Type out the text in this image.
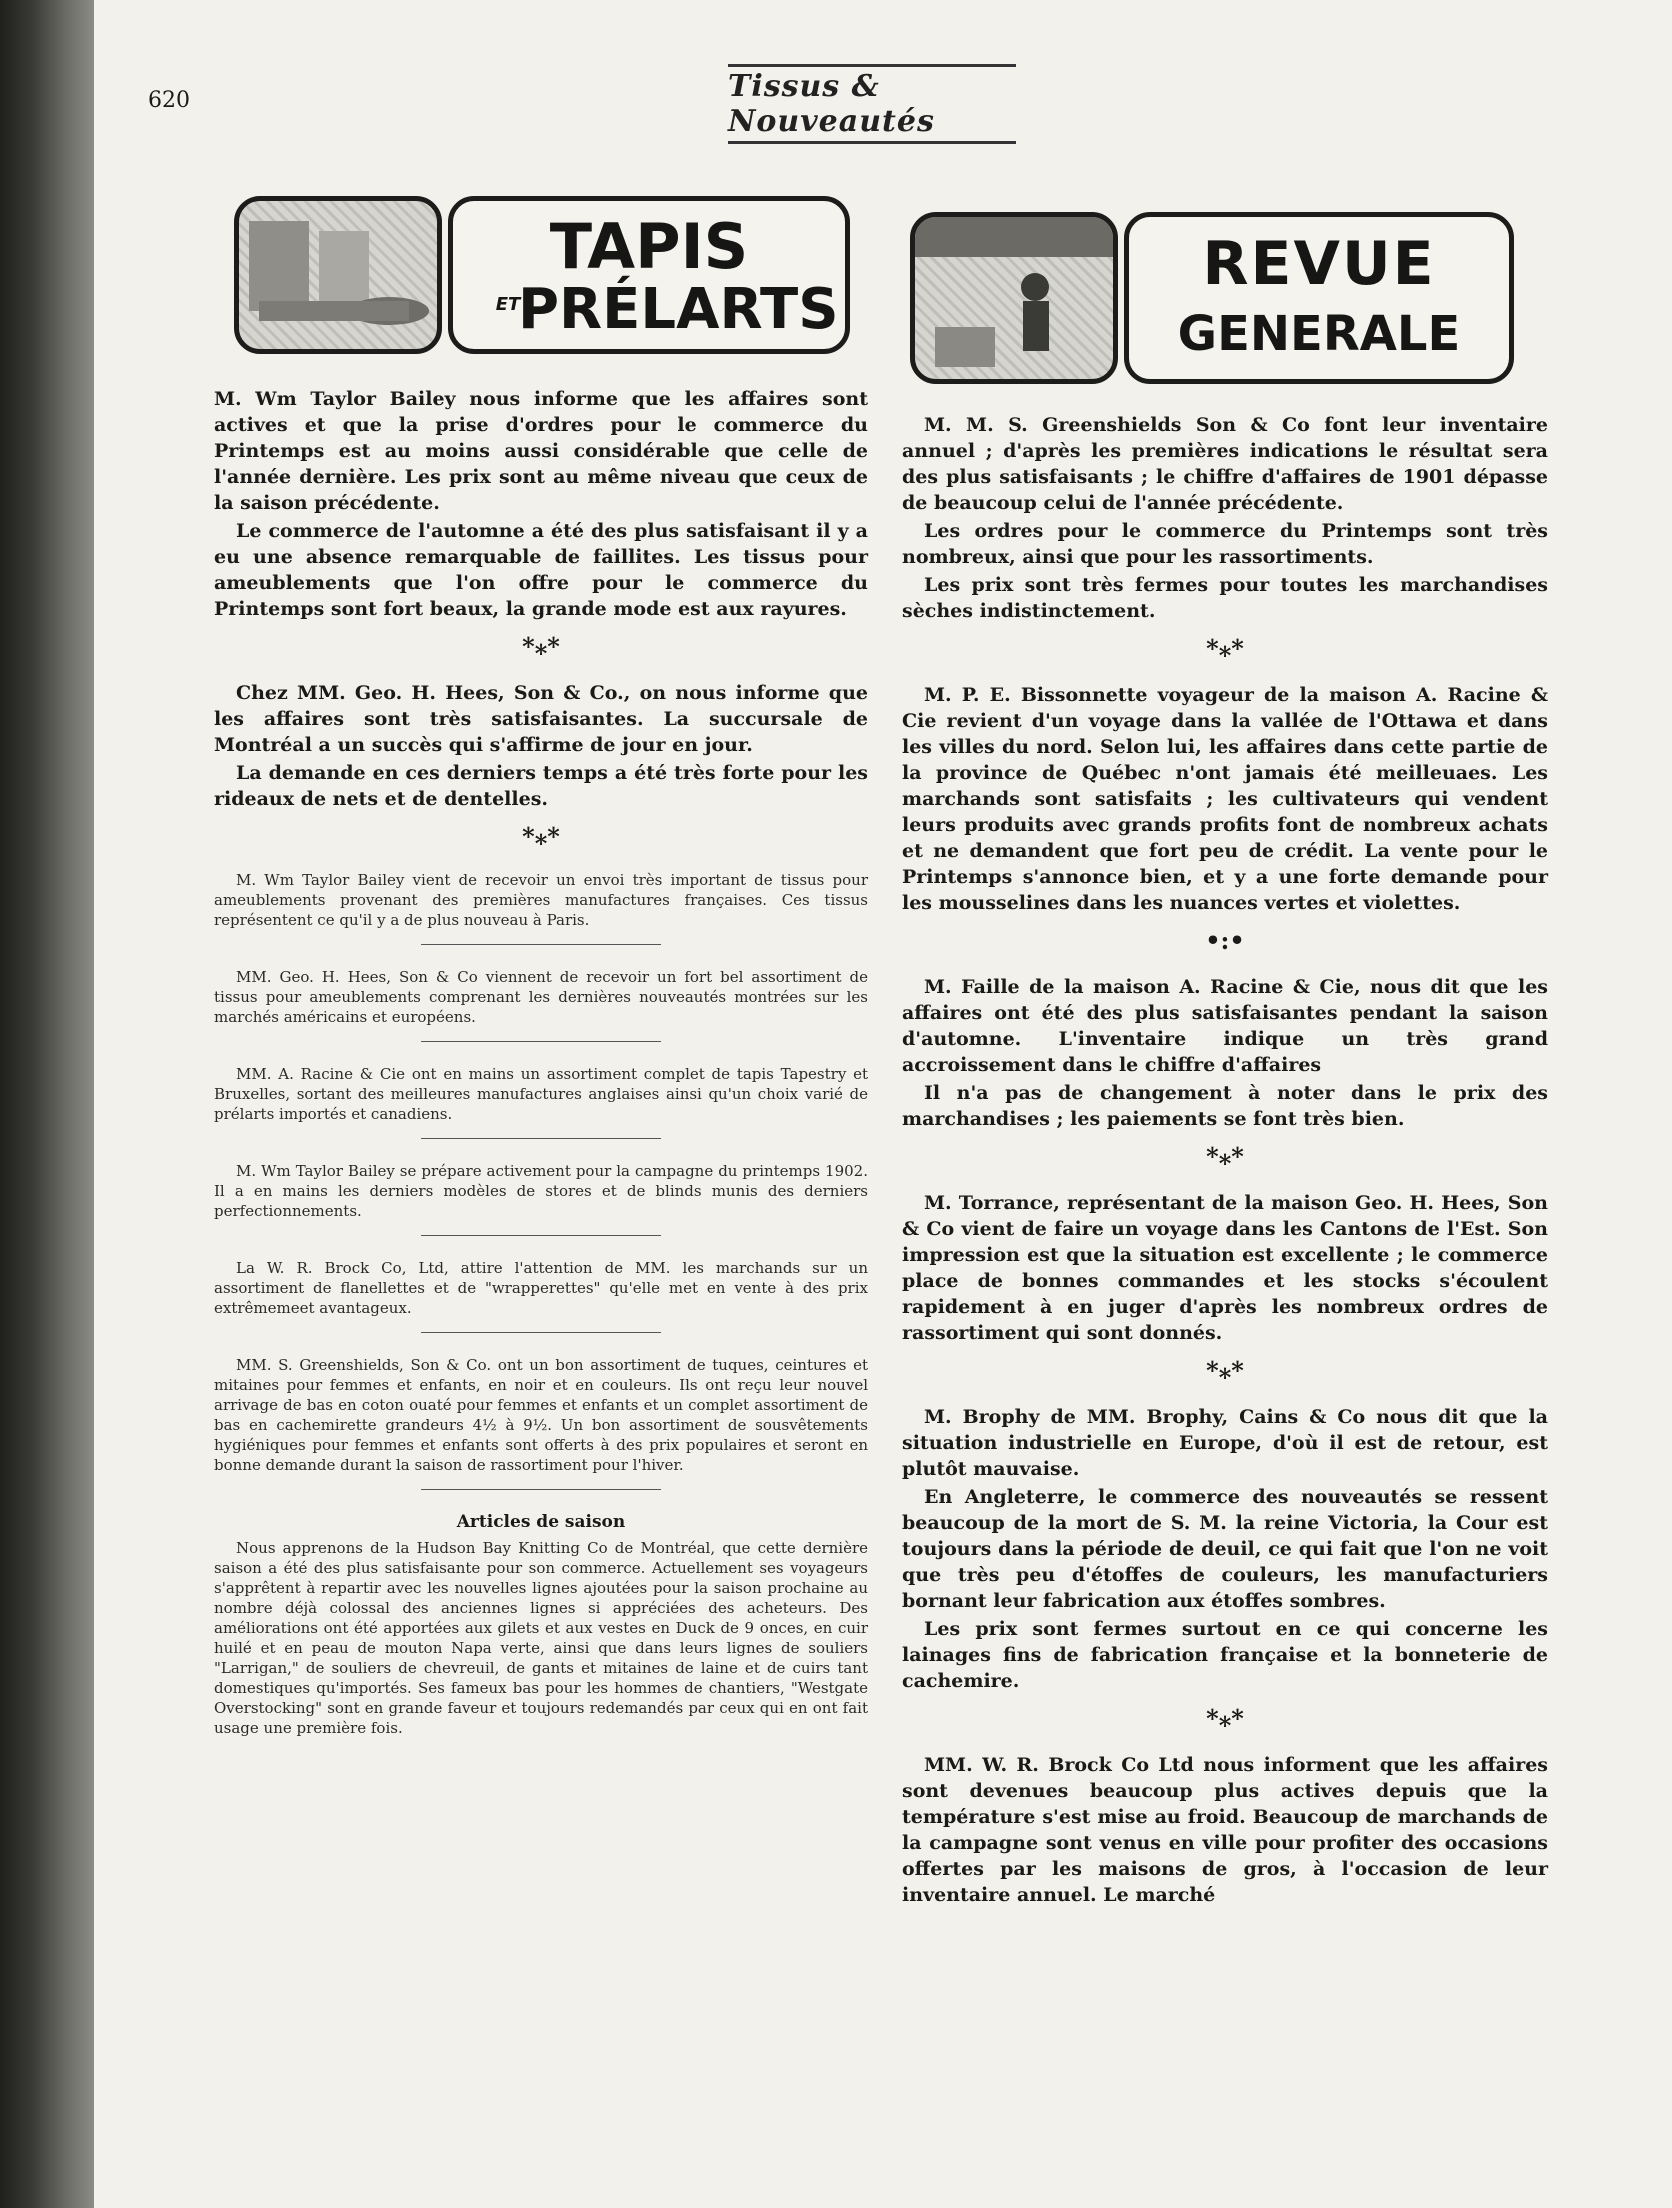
620	Tissus & Nouveautés
TAPIS
ET
PRÉLARTS
REVUE
GENERALE

M. Wm Taylor Bailey nous informe que les affaires sont actives et que la prise d'ordres pour le commerce du Printemps est au moins aussi considérable que celle de l'année dernière. Les prix sont au même niveau que ceux de la saison précédente.

Le commerce de l'automne a été des plus satisfaisant il y a eu une absence remarquable de faillites. Les tissus pour ameublements que l'on offre pour le commerce du Printemps sont fort beaux, la grande mode est aux rayures.

*⁎*

Chez MM. Geo. H. Hees, Son & Co., on nous informe que les affaires sont très satisfaisantes. La succursale de Montréal a un succès qui s'affirme de jour en jour.

La demande en ces derniers temps a été très forte pour les rideaux de nets et de dentelles.

*⁎*

M. Wm Taylor Bailey vient de recevoir un envoi très important de tissus pour ameublements provenant des premières manufactures françaises. Ces tissus représentent ce qu'il y a de plus nouveau à Paris.

MM. Geo. H. Hees, Son & Co viennent de recevoir un fort bel assortiment de tissus pour ameublements comprenant les dernières nouveautés montrées sur les marchés américains et européens.

MM. A. Racine & Cie ont en mains un assortiment complet de tapis Tapestry et Bruxelles, sortant des meilleures manufactures anglaises ainsi qu'un choix varié de prélarts importés et canadiens.

M. Wm Taylor Bailey se prépare activement pour la campagne du printemps 1902. Il a en mains les derniers modèles de stores et de blinds munis des derniers perfectionnements.

La W. R. Brock Co, Ltd, attire l'attention de MM. les marchands sur un assortiment de flanellettes et de "wrapperettes" qu'elle met en vente à des prix extrêmemeet avantageux.

MM. S. Greenshields, Son & Co. ont un bon assortiment de tuques, ceintures et mitaines pour femmes et enfants, en noir et en couleurs. Ils ont reçu leur nouvel arrivage de bas en coton ouaté pour femmes et enfants et un complet assortiment de bas en cachemirette grandeurs 4½ à 9½. Un bon assortiment de sousvêtements hygiéniques pour femmes et enfants sont offerts à des prix populaires et seront en bonne demande durant la saison de rassortiment pour l'hiver.

Articles de saison

Nous apprenons de la Hudson Bay Knitting Co de Montréal, que cette dernière saison a été des plus satisfaisante pour son commerce. Actuellement ses voyageurs s'apprêtent à repartir avec les nouvelles lignes ajoutées pour la saison prochaine au nombre déjà colossal des anciennes lignes si appréciées des acheteurs. Des améliorations ont été apportées aux gilets et aux vestes en Duck de 9 onces, en cuir huilé et en peau de mouton Napa verte, ainsi que dans leurs lignes de souliers "Larrigan," de souliers de chevreuil, de gants et mitaines de laine et de cuirs tant domestiques qu'importés. Ses fameux bas pour les hommes de chantiers, "Westgate Overstocking" sont en grande faveur et toujours redemandés par ceux qui en ont fait usage une première fois.

M. M. S. Greenshields Son & Co font leur inventaire annuel ; d'après les premières indications le résultat sera des plus satisfaisants ; le chiffre d'affaires de 1901 dépasse de beaucoup celui de l'année précédente.

Les ordres pour le commerce du Printemps sont très nombreux, ainsi que pour les rassortiments.

Les prix sont très fermes pour toutes les marchandises sèches indistinctement.

*⁎*

M. P. E. Bissonnette voyageur de la maison A. Racine & Cie revient d'un voyage dans la vallée de l'Ottawa et dans les villes du nord. Selon lui, les affaires dans cette partie de la province de Québec n'ont jamais été meilleuaes. Les marchands sont satisfaits ; les cultivateurs qui vendent leurs produits avec grands profits font de nombreux achats et ne demandent que fort peu de crédit. La vente pour le Printemps s'annonce bien, et y a une forte demande pour les mousselines dans les nuances vertes et violettes.

•:•

M. Faille de la maison A. Racine & Cie, nous dit que les affaires ont été des plus satisfaisantes pendant la saison d'automne. L'inventaire indique un très grand accroissement dans le chiffre d'affaires

Il n'a pas de changement à noter dans le prix des marchandises ; les paiements se font très bien.

*⁎*

M. Torrance, représentant de la maison Geo. H. Hees, Son & Co vient de faire un voyage dans les Cantons de l'Est. Son impression est que la situation est excellente ; le commerce place de bonnes commandes et les stocks s'écoulent rapidement à en juger d'après les nombreux ordres de rassortiment qui sont donnés.

*⁎*

M. Brophy de MM. Brophy, Cains & Co nous dit que la situation industrielle en Europe, d'où il est de retour, est plutôt mauvaise.

En Angleterre, le commerce des nouveautés se ressent beaucoup de la mort de S. M. la reine Victoria, la Cour est toujours dans la période de deuil, ce qui fait que l'on ne voit que très peu d'étoffes de couleurs, les manufacturiers bornant leur fabrication aux étoffes sombres.

Les prix sont fermes surtout en ce qui concerne les lainages fins de fabrication française et la bonneterie de cachemire.

*⁎*

MM. W. R. Brock Co Ltd nous informent que les affaires sont devenues beaucoup plus actives depuis que la température s'est mise au froid. Beaucoup de marchands de la campagne sont venus en ville pour profiter des occasions offertes par les maisons de gros, à l'occasion de leur inventaire annuel. Le marché
